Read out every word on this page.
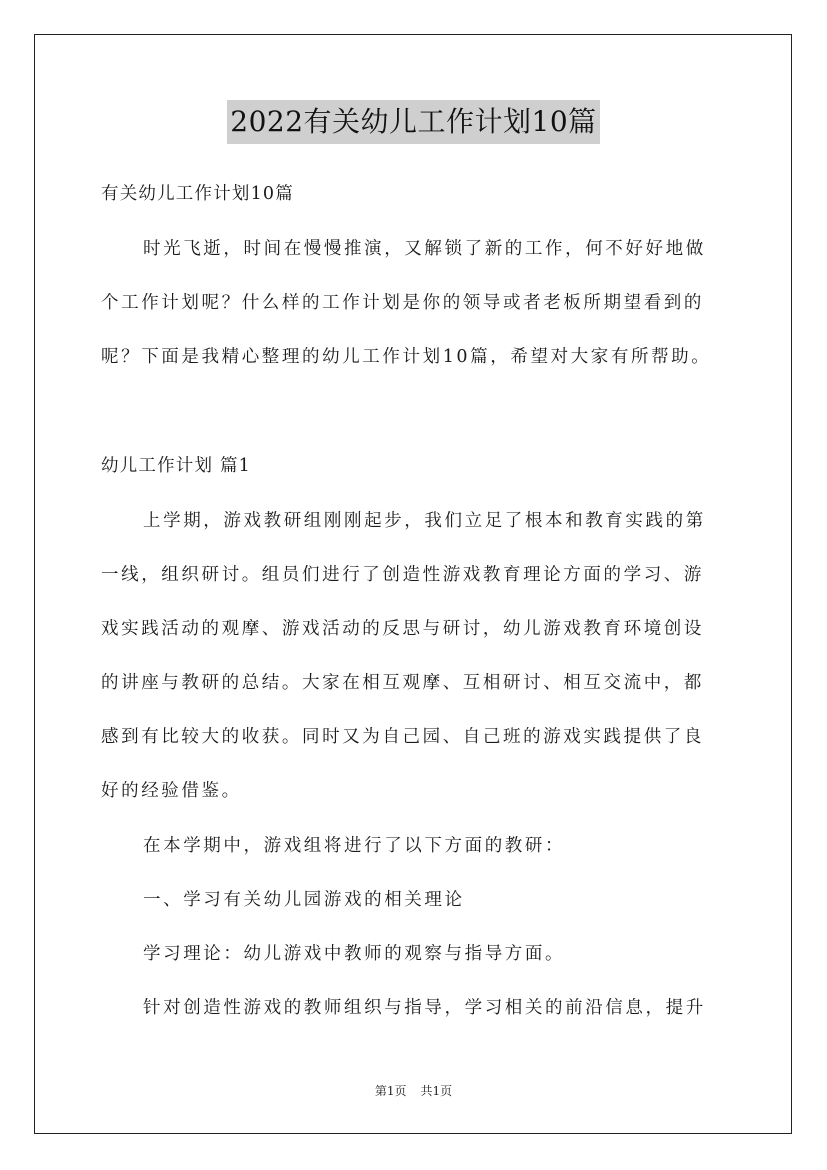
2022有关幼儿工作计划10篇
有关幼儿工作计划10篇
时光飞逝，时间在慢慢推演，又解锁了新的工作，何不好好地做
个工作计划呢？什么样的工作计划是你的领导或者老板所期望看到的
呢？下面是我精心整理的幼儿工作计划10篇，希望对大家有所帮助。
幼儿工作计划 篇1
上学期，游戏教研组刚刚起步，我们立足了根本和教育实践的第
一线，组织研讨。组员们进行了创造性游戏教育理论方面的学习、游
戏实践活动的观摩、游戏活动的反思与研讨，幼儿游戏教育环境创设
的讲座与教研的总结。大家在相互观摩、互相研讨、相互交流中，都
感到有比较大的收获。同时又为自己园、自己班的游戏实践提供了良
好的经验借鉴。
在本学期中，游戏组将进行了以下方面的教研：
一、学习有关幼儿园游戏的相关理论
学习理论：幼儿游戏中教师的观察与指导方面。
针对创造性游戏的教师组织与指导，学习相关的前沿信息，提升
第1页 共1页
